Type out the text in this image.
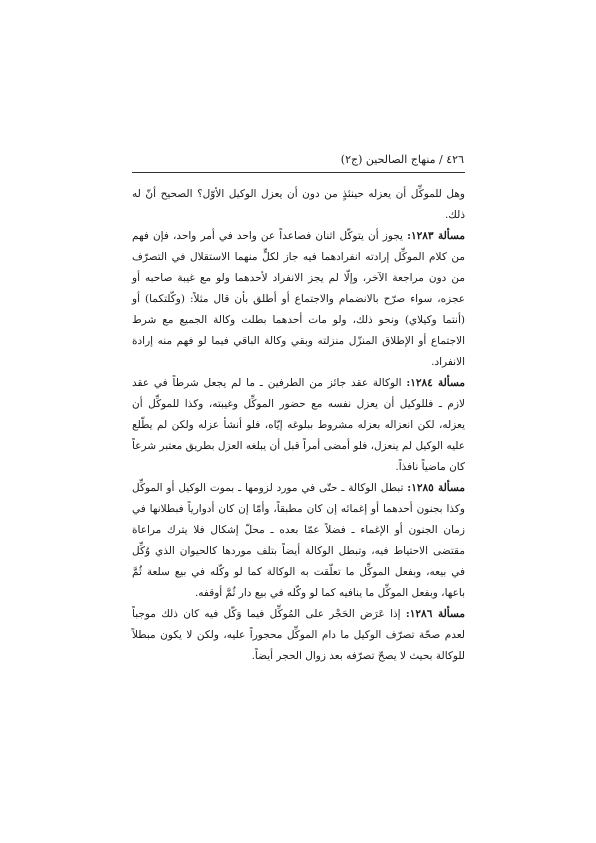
٤٢٦ / منهاج الصالحين (ج٢)

وهل للموكِّل أن يعزله حينئذٍ من دون أن يعزل الوكيل الأوّل؟ الصحيح أنّ له ذلك.

مسألة ١٢٨٣: يجوز أن يتوكّل اثنان فصاعداً عن واحد في أمر واحد، فإن فهم من كلام الموكِّل إرادته انفرادهما فيه جاز لكلٍّ منهما الاستقلال في التصرّف من دون مراجعة الآخر، وإلّا لم يجز الانفراد لأحدهما ولو مع غيبة صاحبه أو عجزه، سواء صرّح بالانضمام والاجتماع أو أطلق بأن قال مثلاً: (وكّلتكما) أو (أنتما وكيلاي) ونحو ذلك، ولو مات أحدهما بطلت وكالة الجميع مع شرط الاجتماع أو الإطلاق المنزّل منزلته وبقي وكالة الباقي فيما لو فهم منه إرادة الانفراد.

مسألة ١٢٨٤: الوكالة عقد جائز من الطرفين ـ ما لم يجعل شرطاً في عقد لازم ـ فللوكيل أن يعزل نفسه مع حضور الموكِّل وغيبته، وكذا للموكِّل أن يعزله، لكن انعزاله بعزله مشروط ببلوغه إيّاه، فلو أنشأ عزله ولكن لم يطّلع عليه الوكيل لم ينعزل، فلو أمضى أمراً قبل أن يبلغه العزل بطريق معتبر شرعاً كان ماضياً نافذاً.

مسألة ١٢٨٥: تبطل الوكالة ـ حتّى في مورد لزومها ـ بموت الوكيل أو الموكِّل وكذا بجنون أحدهما أو إغمائه إن كان مطبقاً، وأمّا إن كان أدوارياً فبطلانها في زمان الجنون أو الإغماء ـ فضلاً عمّا بعده ـ محلّ إشكال فلا يترك مراعاة مقتضى الاحتياط فيه، وتبطل الوكالة أيضاً بتلف موردها كالحيوان الذي وُكِّل في بيعه، وبفعل الموكِّل ما تعلّقت به الوكالة كما لو وكّله في بيع سلعة ثُمَّ باعها، وبفعل الموكِّل ما ينافيه كما لو وكّله في بيع دار ثُمَّ أوقفه.

مسألة ١٢٨٦: إذا عَرَض الحَجْر على المُوكِّل فيما وَكّل فيه كان ذلك موجباً لعدم صحّة تصرّف الوكيل ما دام الموكِّل محجوراً عليه، ولكن لا يكون مبطلاً للوكالة بحيث لا يصحّ تصرّفه بعد زوال الحجر أيضاً.
